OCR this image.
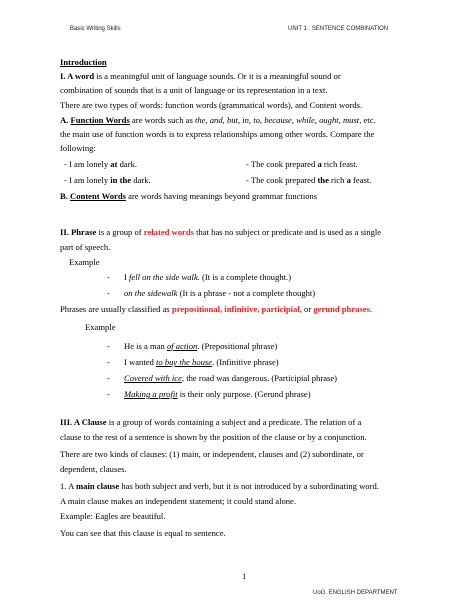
Basic Writing Skills	UNIT 1 : SENTENCE COMBINATION
Introduction
I. A word is a meaningful unit of language sounds. Or it is a meaningful sound or
combination of sounds that is a unit of language or its representation in a text.
There are two types of words: function words (grammatical words), and Content words.
A. Function Words are words such as the, and, but, in, to, because, while, ought, must, etc.
the main use of function words is to express relationships among other words. Compare the
following:
- I am lonely at dark.	- The cook prepared a rich feast.
- I am lonely in the dark.	- The cook prepared the rich a feast.
B. Content Words are words having meanings beyond grammar functions
II. Phrase is a group of related words that has no subject or predicate and is used as a single
part of speech.
Example
- I fell on the side walk. (It is a complete thought.)
- on the sidewalk (It is a phrase - not a complete thought)
Phrases are usually classified as prepositional, infinitive, participial, or gerund phrases.
Example
- He is a man of action. (Prepositional phrase)
- I wanted to buy the house. (Infinitive phrase)
- Covered with ice, the road was dangerous. (Participial phrase)
- Making a profit is their only purpose. (Gerund phrase)
III. A Clause is a group of words containing a subject and a predicate. The relation of a
clause to the rest of a sentence is shown by the position of the clause or by a conjunction.
There are two kinds of clauses: (1) main, or independent, clauses and (2) subordinate, or
dependent, clauses.
1. A main clause has both subject and verb, but it is not introduced by a subordinating word.
A main clause makes an independent statement; it could stand alone.
Example: Eagles are beautiful.
You can see that this clause is equal to sentence.
1
UoG. ENGLISH DEPARTMENT
